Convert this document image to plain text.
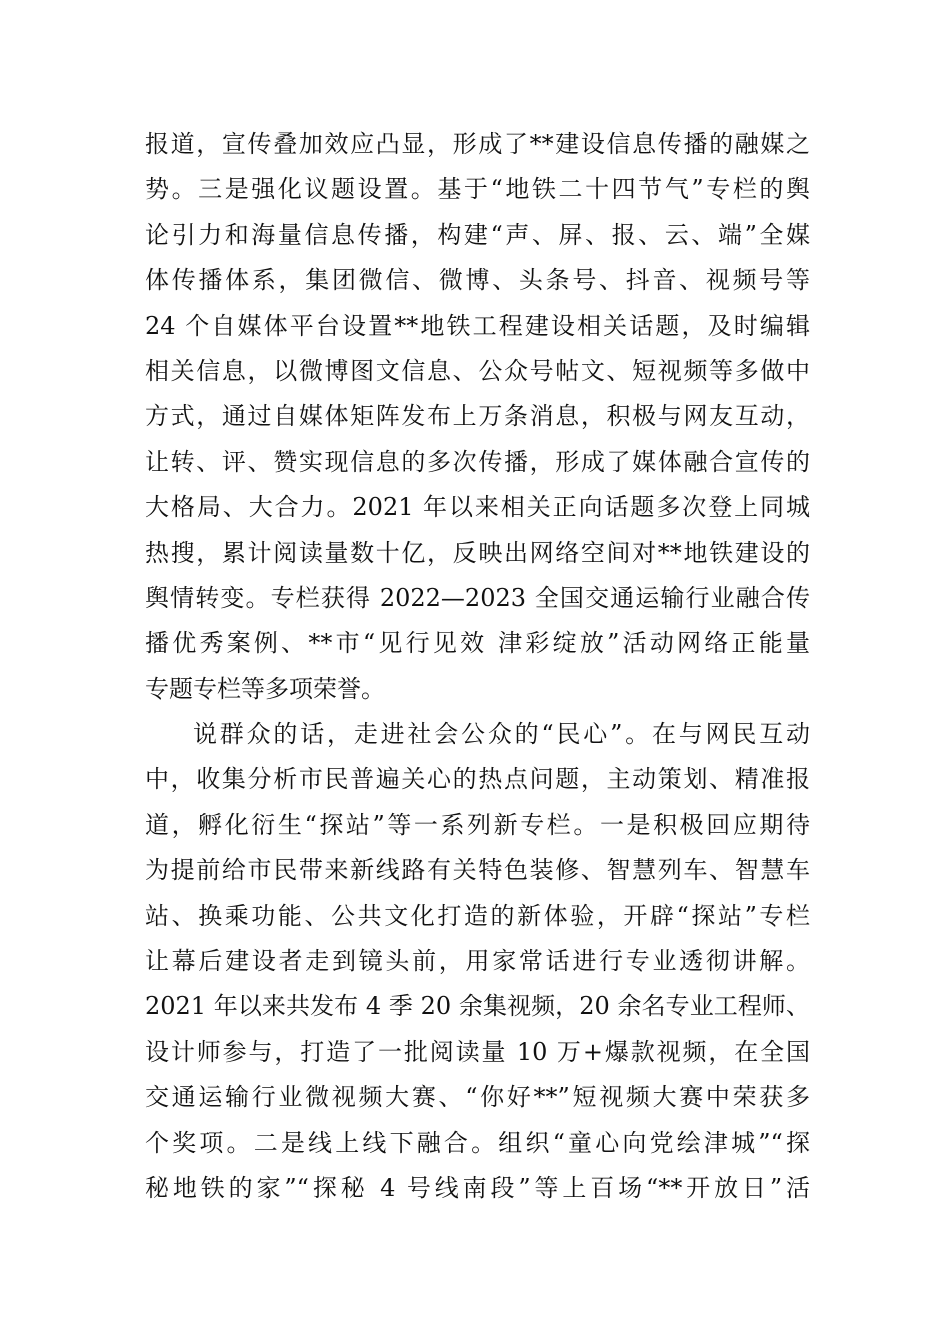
报道，宣传叠加效应凸显，形成了**建设信息传播的融媒之
势。三是强化议题设置。基于“地铁二十四节气”专栏的舆
论引力和海量信息传播，构建“声、屏、报、云、端”全媒
体传播体系，集团微信、微博、头条号、抖音、视频号等
24 个自媒体平台设置**地铁工程建设相关话题，及时编辑
相关信息，以微博图文信息、公众号帖文、短视频等多做中
方式，通过自媒体矩阵发布上万条消息，积极与网友互动，
让转、评、赞实现信息的多次传播，形成了媒体融合宣传的
大格局、大合力。2021 年以来相关正向话题多次登上同城
热搜，累计阅读量数十亿，反映出网络空间对**地铁建设的
舆情转变。专栏获得 2022—2023 全国交通运输行业融合传
播优秀案例、**市“见行见效 津彩绽放”活动网络正能量
专题专栏等多项荣誉。
说群众的话，走进社会公众的“民心”。在与网民互动
中，收集分析市民普遍关心的热点问题，主动策划、精准报
道，孵化衍生“探站”等一系列新专栏。一是积极回应期待
为提前给市民带来新线路有关特色装修、智慧列车、智慧车
站、换乘功能、公共文化打造的新体验，开辟“探站”专栏
让幕后建设者走到镜头前，用家常话进行专业透彻讲解。
2021 年以来共发布 4 季 20 余集视频，20 余名专业工程师、
设计师参与，打造了一批阅读量 10 万+爆款视频，在全国
交通运输行业微视频大赛、“你好**”短视频大赛中荣获多
个奖项。二是线上线下融合。组织“童心向党绘津城”“探
秘地铁的家”“探秘 4 号线南段”等上百场“**开放日”活
